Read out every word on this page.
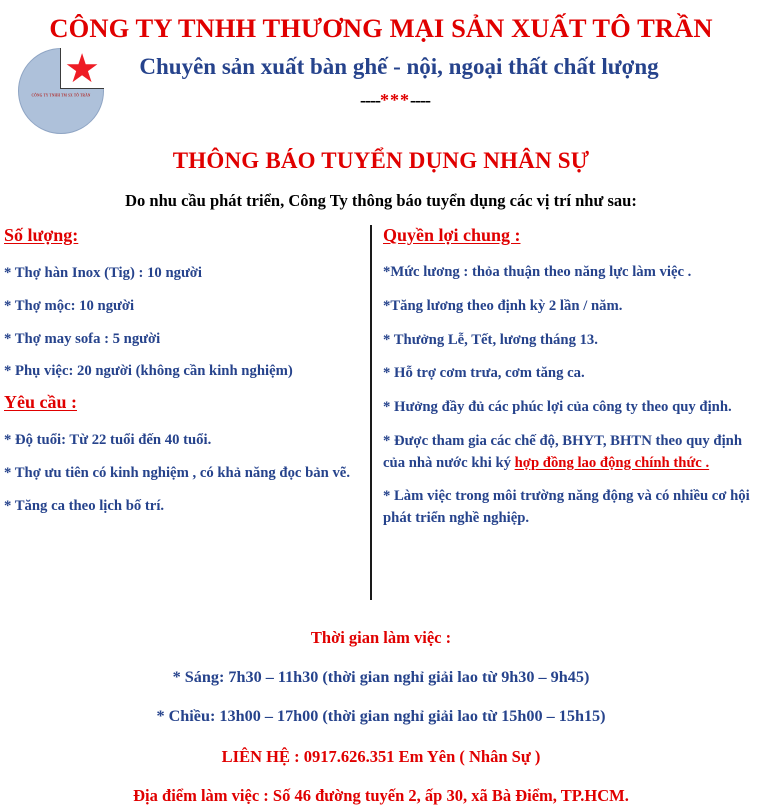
★
CÔNG TY TNHH TM SX TÔ TRẦN
CÔNG TY TNHH THƯƠNG MẠI SẢN XUẤT TÔ TRẦN
Chuyên sản xuất bàn ghế - nội, ngoại thất chất lượng
----***----
THÔNG BÁO TUYỂN DỤNG NHÂN SỰ
Do nhu cầu phát triển, Công Ty thông báo tuyển dụng các vị trí như sau:
Số lượng:
* Thợ hàn Inox (Tig) : 10 người
* Thợ mộc: 10 người
* Thợ may sofa : 5 người
* Phụ việc: 20 người (không cần kinh nghiệm)
Yêu cầu :
* Độ tuổi: Từ 22 tuổi đến 40 tuổi.
* Thợ ưu tiên có kinh nghiệm , có khả năng đọc bản vẽ.
* Tăng ca theo lịch bố trí.
Quyền lợi chung :
*Mức lương : thỏa thuận theo năng lực làm việc .
*Tăng lương theo định kỳ 2 lần / năm.
* Thưởng Lễ, Tết, lương tháng 13.
* Hỗ trợ cơm trưa, cơm tăng ca.
* Hưởng đầy đủ các phúc lợi của công ty theo quy định.
* Được tham gia các chế độ, BHYT, BHTN theo quy định của nhà nước khi ký hợp đồng lao động chính thức .
* Làm việc trong môi trường năng động và có nhiều cơ hội phát triển nghề nghiệp.
Thời gian làm việc :
* Sáng: 7h30 – 11h30 (thời gian nghỉ giải lao từ 9h30 – 9h45)
* Chiều: 13h00 – 17h00 (thời gian nghỉ giải lao từ 15h00 – 15h15)
LIÊN HỆ : 0917.626.351 Em Yên ( Nhân Sự )
Địa điểm làm việc : Số 46 đường tuyến 2, ấp 30, xã Bà Điểm, TP.HCM.
